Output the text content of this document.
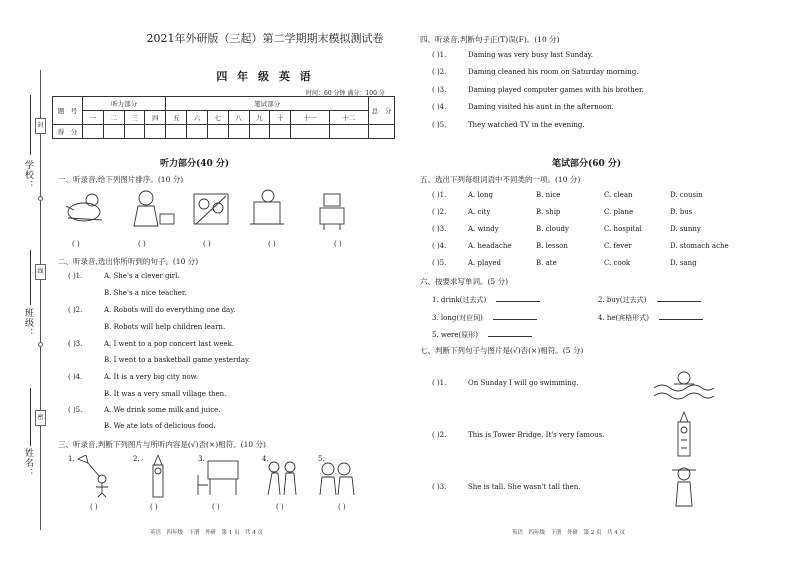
学校：
班级：
姓名：
封
线
密
2021年外研版（三起）第二学期期末模拟测试卷
四 年 级 英 语
时间：60 分钟 满分：100 分
题　号	听力部分				笔试部分								总　分
	一	二	三	四	五	六	七	八	九	十	十一	十二	
得　分													
听力部分(40 分)
一、听录音,给下列图片排序。(10 分)
( )	( )	( )	( )	( )
二、听录音,选出你所听到的句子。(10 分)
( )1.	A. She's a clever girl.
B. She's a nice teacher.
( )2.	A. Robots will do everything one day.
B. Robots will help children learn.
( )3.	A. I went to a pop concert last week.
B. I went to a basketball game yesterday.
( )4.	A. It is a very big city now.
B. It was a very small village then.
( )5.	A. We drink some milk and juice.
B. We ate lots of delicious food.
三、听录音,判断下列图片与所听内容是(√)否(×)相符。(10 分)
1.	2.	3.	4.	5.
( )	( )	( )	( )	( )
英语　四年级　下册　外研　第 1 页　共 4 页
四、听录音,判断句子正(T)误(F)。(10 分)
( )1.	Daming was very busy last Sunday.
( )2.	Daming cleaned his room on Saturday morning.
( )3.	Daming played computer games with his brother.
( )4.	Daming visited his aunt in the afternoon.
( )5.	They watched TV in the evening.
笔试部分(60 分)
五、选出下列每组词语中不同类的一项。(10 分)
( )1.	A. long	B. nice	C. clean	D. cousin
( )2.	A. city	B. ship	C. plane	D. bus
( )3.	A. windy	B. cloudy	C. hospital	D. sunny
( )4.	A. headache	B. lesson	C. fever	D. stomach ache
( )5.	A. played	B. ate	C. cook	D. sang
六、按要求写单词。(5 分)
1. drink(过去式)	2. buy(过去式)
3. long(对应词)	4. he(宾格形式)
5. were(原形)
七、判断下列句子与图片是(√)否(×)相符。(5 分)
( )1.	On Sunday I will go swimming.
( )2.	This is Tower Bridge. It's very famous.
( )3.	She is tall. She wasn't tall then.
英语　四年级　下册　外研　第 2 页　共 4 页
